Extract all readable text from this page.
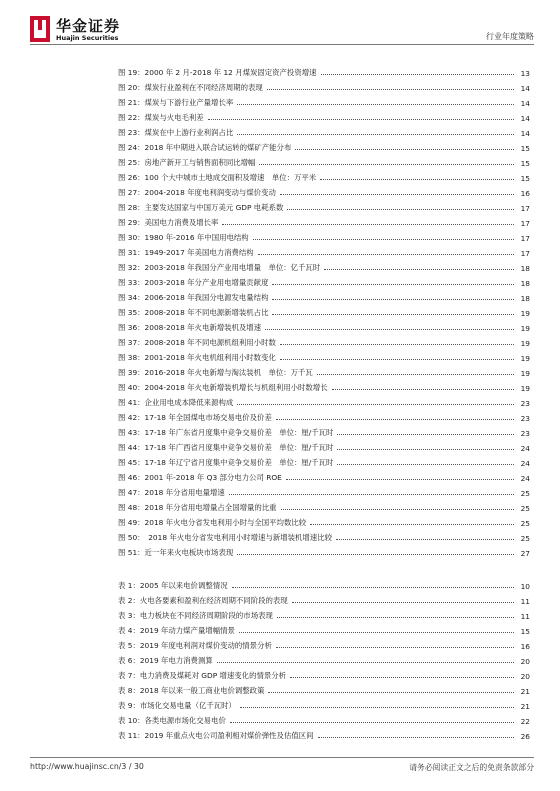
华金证券
Huajin Securities	行业年度策略
图 19：2000 年 2 月-2018 年 12 月煤炭固定资产投资增速	13
图 20：煤炭行业盈利在不同经济周期的表现	14
图 21：煤炭与下游行业产量增长率	14
图 22：煤炭与火电毛利差	14
图 23：煤炭在中上游行业利润占比	14
图 24：2018 年中期进入联合试运转的煤矿产能分布	15
图 25：房地产新开工与销售面积同比增幅	15
图 26：100 个大中城市土地成交面积及增速　单位：万平米	15
图 27：2004-2018 年度电利润变动与煤价变动	16
图 28：主要发达国家与中国万美元 GDP 电耗系数	17
图 29：美国电力消费及增长率	17
图 30：1980 年-2016 年中国用电结构	17
图 31：1949-2017 年美国电力消费结构	17
图 32：2003-2018 年我国分产业用电增量　单位：亿千瓦时	18
图 33：2003-2018 年分产业用电增量贡献度	18
图 34：2006-2018 年我国分电源发电量结构	18
图 35：2008-2018 年不同电源新增装机占比	19
图 36：2008-2018 年火电新增装机及增速	19
图 37：2008-2018 年不同电源机组利用小时数	19
图 38：2001-2018 年火电机组利用小时数变化	19
图 39：2016-2018 年火电新增与淘汰装机　单位：万千瓦	19
图 40：2004-2018 年火电新增装机增长与机组利用小时数增长	19
图 41：企业用电成本降低来源构成	23
图 42：17-18 年全国煤电市场交易电价及价差	23
图 43：17-18 年广东省月度集中竞争交易价差　单位：厘/千瓦时	23
图 44：17-18 年广西省月度集中竞争交易价差　单位：厘/千瓦时	24
图 45：17-18 年辽宁省月度集中竞争交易价差　单位：厘/千瓦时	24
图 46：2001 年-2018 年 Q3 部分电力公司 ROE	24
图 47：2018 年分省用电量增速	25
图 48：2018 年分省用电增量占全国增量的比重	25
图 49：2018 年火电分省发电利用小时与全国平均数比较	25
图 50：　2018 年火电分省发电利用小时增速与新增装机增速比较	25
图 51：近一年来火电板块市场表现	27
表 1：2005 年以来电价调整情况	10
表 2：火电各要素和盈利在经济周期不同阶段的表现	11
表 3：电力板块在不同经济周期阶段的市场表现	11
表 4：2019 年动力煤产量增幅情景	15
表 5：2019 年度电利润对煤价变动的情景分析	16
表 6：2019 年电力消费测算	20
表 7：电力消费及煤耗对 GDP 增速变化的情景分析	20
表 8：2018 年以来一般工商业电价调整政策	21
表 9：市场化交易电量（亿千瓦时）	21
表 10：各类电源市场化交易电价	22
表 11：2019 年重点火电公司盈利相对煤价弹性及估值区间	26
http://www.huajinsc.cn/3 / 30	请务必阅读正文之后的免责条款部分
